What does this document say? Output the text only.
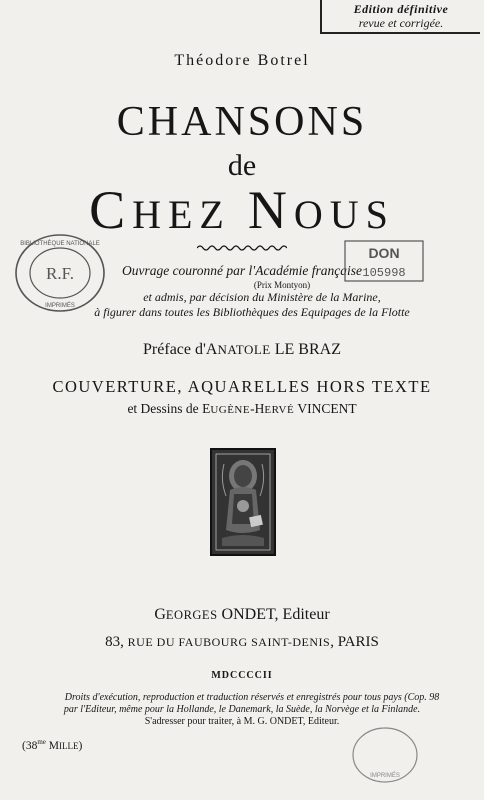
Edition définitive
revue et corrigée.
Théodore Botrel
CHANSONS
de
CHEZ NOUS
Ouvrage couronné par l'Académie française
(Prix Montyon)
et admis, par décision du Ministère de la Marine,
à figurer dans toutes les Bibliothèques des Equipages de la Flotte
Préface d'ANATOLE LE BRAZ
COUVERTURE, AQUARELLES HORS TEXTE
et Dessins de EUGÈNE-HERVÉ VINCENT
GEORGES ONDET, Editeur
83, RUE DU FAUBOURG SAINT-DENIS, PARIS
MDCCCCII
Droits d'exécution, reproduction et traduction réservés et enregistrés pour tous pays (Cop. 98
par l'Editeur, même pour la Hollande, le Danemark, la Suède, la Norvège et la Finlande.
S'adresser pour traiter, à M. G. ONDET, Editeur.
($38^{me}$ MILLE)
R.F.
BIBLIOTHÈQUE NATIONALE
IMPRIMÉS
DON
105998
IMPRIMÉS
